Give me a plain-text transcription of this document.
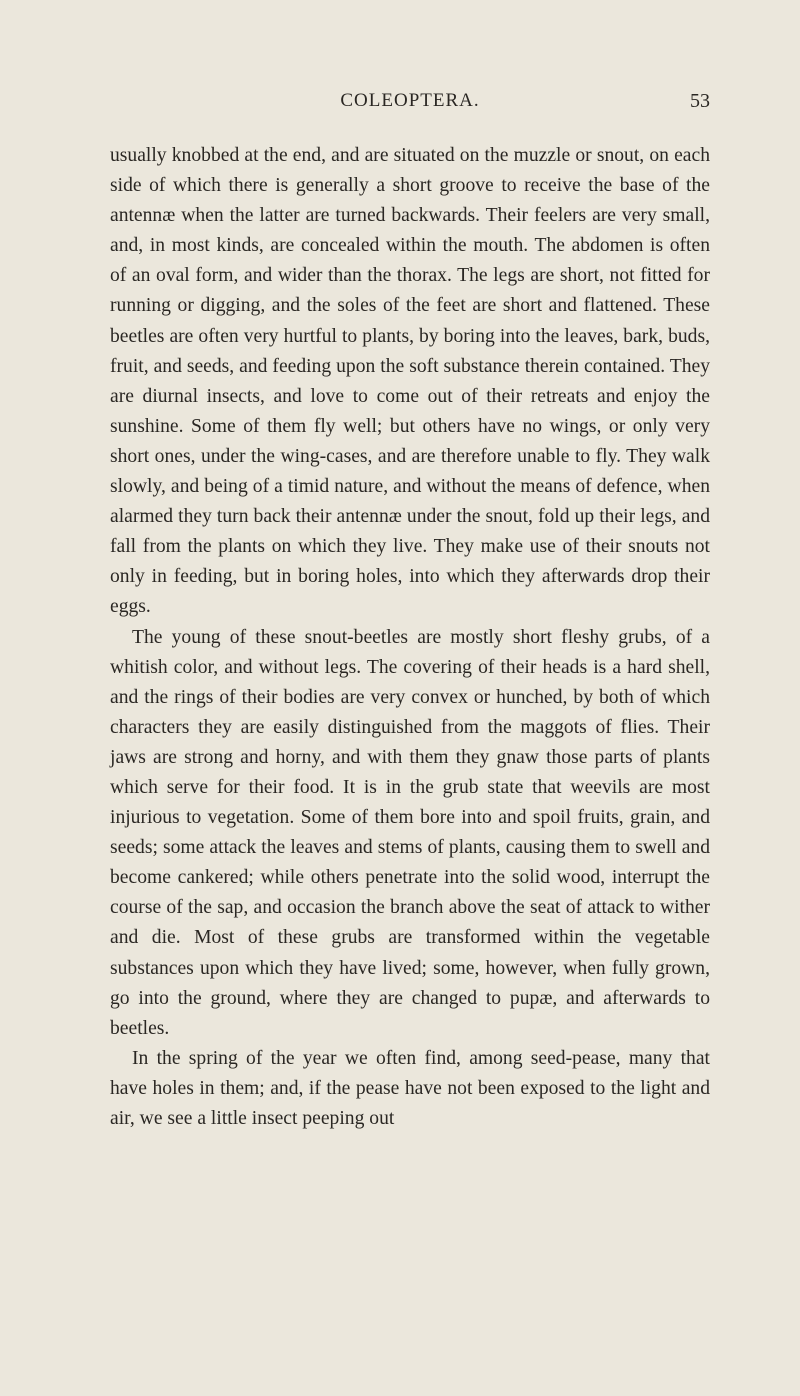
COLEOPTERA.	53

usually knobbed at the end, and are situated on the muzzle or snout, on each side of which there is generally a short groove to receive the base of the antennæ when the latter are turned backwards. Their feelers are very small, and, in most kinds, are concealed within the mouth. The abdomen is often of an oval form, and wider than the thorax. The legs are short, not fitted for running or digging, and the soles of the feet are short and flattened. These beetles are often very hurtful to plants, by boring into the leaves, bark, buds, fruit, and seeds, and feeding upon the soft substance therein contained. They are diurnal insects, and love to come out of their retreats and enjoy the sunshine. Some of them fly well; but others have no wings, or only very short ones, under the wing-cases, and are therefore unable to fly. They walk slowly, and being of a timid nature, and without the means of defence, when alarmed they turn back their antennæ under the snout, fold up their legs, and fall from the plants on which they live. They make use of their snouts not only in feeding, but in boring holes, into which they afterwards drop their eggs.

The young of these snout-beetles are mostly short fleshy grubs, of a whitish color, and without legs. The covering of their heads is a hard shell, and the rings of their bodies are very convex or hunched, by both of which characters they are easily distinguished from the maggots of flies. Their jaws are strong and horny, and with them they gnaw those parts of plants which serve for their food. It is in the grub state that weevils are most injurious to vegetation. Some of them bore into and spoil fruits, grain, and seeds; some attack the leaves and stems of plants, causing them to swell and become cankered; while others penetrate into the solid wood, interrupt the course of the sap, and occasion the branch above the seat of attack to wither and die. Most of these grubs are transformed within the vegetable substances upon which they have lived; some, however, when fully grown, go into the ground, where they are changed to pupæ, and afterwards to beetles.

In the spring of the year we often find, among seed-pease, many that have holes in them; and, if the pease have not been exposed to the light and air, we see a little insect peeping out
